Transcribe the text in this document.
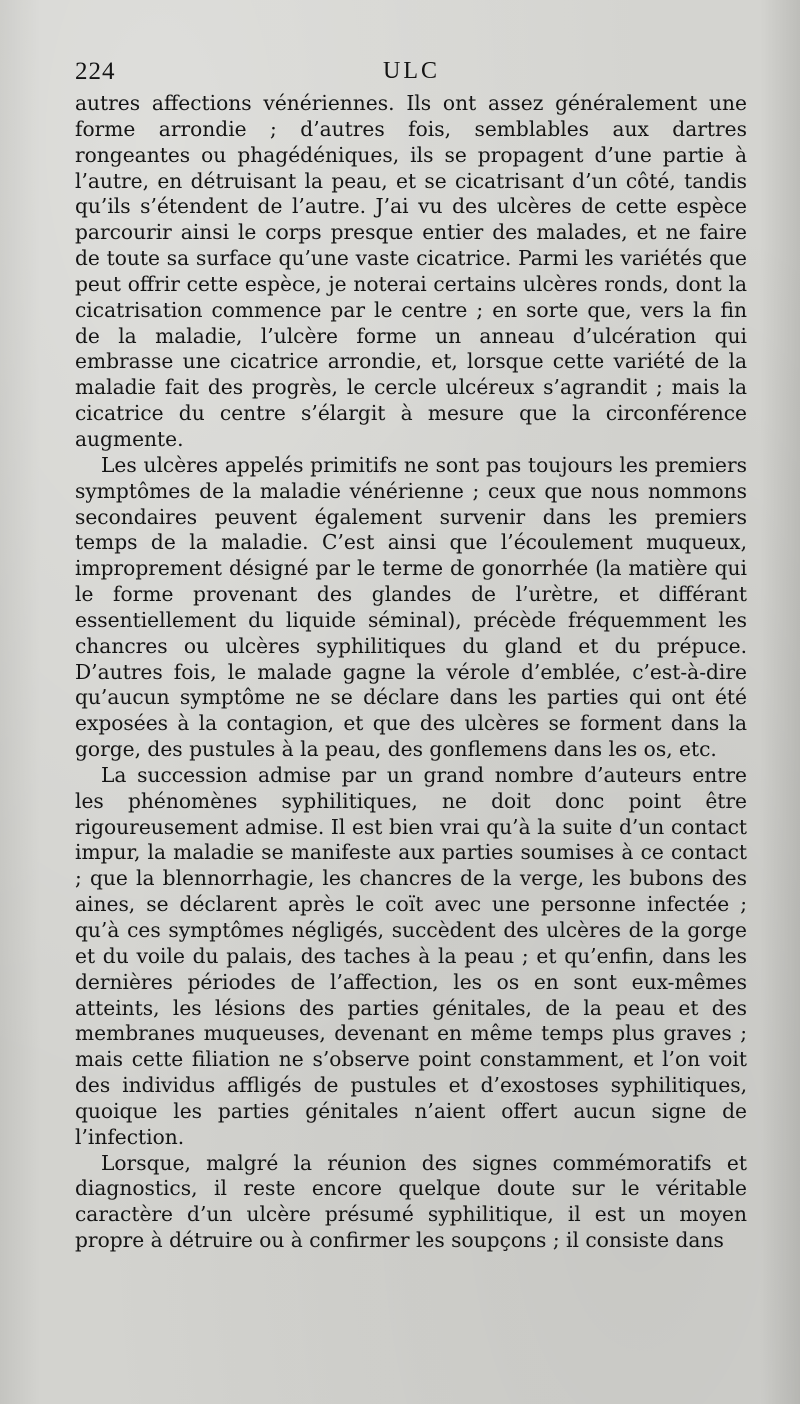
224	ULC

autres affections vénériennes. Ils ont assez généralement une forme arrondie ; d’autres fois, semblables aux dartres rongeantes ou phagédéniques, ils se propagent d’une partie à l’autre, en détruisant la peau, et se cicatrisant d’un côté, tandis qu’ils s’étendent de l’autre. J’ai vu des ulcères de cette espèce parcourir ainsi le corps presque entier des malades, et ne faire de toute sa surface qu’une vaste cicatrice. Parmi les variétés que peut offrir cette espèce, je noterai certains ulcères ronds, dont la cicatrisation commence par le centre ; en sorte que, vers la fin de la maladie, l’ulcère forme un anneau d’ulcération qui embrasse une cicatrice arrondie, et, lorsque cette variété de la maladie fait des progrès, le cercle ulcéreux s’agrandit ; mais la cicatrice du centre s’élargit à mesure que la circonférence augmente.

Les ulcères appelés primitifs ne sont pas toujours les premiers symptômes de la maladie vénérienne ; ceux que nous nommons secondaires peuvent également survenir dans les premiers temps de la maladie. C’est ainsi que l’écoulement muqueux, improprement désigné par le terme de gonorrhée (la matière qui le forme provenant des glandes de l’urètre, et différant essentiellement du liquide séminal), précède fréquemment les chancres ou ulcères syphilitiques du gland et du prépuce. D’autres fois, le malade gagne la vérole d’emblée, c’est-à-dire qu’aucun symptôme ne se déclare dans les parties qui ont été exposées à la contagion, et que des ulcères se forment dans la gorge, des pustules à la peau, des gonflemens dans les os, etc.

La succession admise par un grand nombre d’auteurs entre les phénomènes syphilitiques, ne doit donc point être rigoureusement admise. Il est bien vrai qu’à la suite d’un contact impur, la maladie se manifeste aux parties soumises à ce contact ; que la blennorrhagie, les chancres de la verge, les bubons des aines, se déclarent après le coït avec une personne infectée ; qu’à ces symptômes négligés, succèdent des ulcères de la gorge et du voile du palais, des taches à la peau ; et qu’enfin, dans les dernières périodes de l’affection, les os en sont eux-mêmes atteints, les lésions des parties génitales, de la peau et des membranes muqueuses, devenant en même temps plus graves ; mais cette filiation ne s’observe point constamment, et l’on voit des individus affligés de pustules et d’exostoses syphilitiques, quoique les parties génitales n’aient offert aucun signe de l’infection.

Lorsque, malgré la réunion des signes commémoratifs et diagnostics, il reste encore quelque doute sur le véritable caractère d’un ulcère présumé syphilitique, il est un moyen propre à détruire ou à confirmer les soupçons ; il consiste dans
